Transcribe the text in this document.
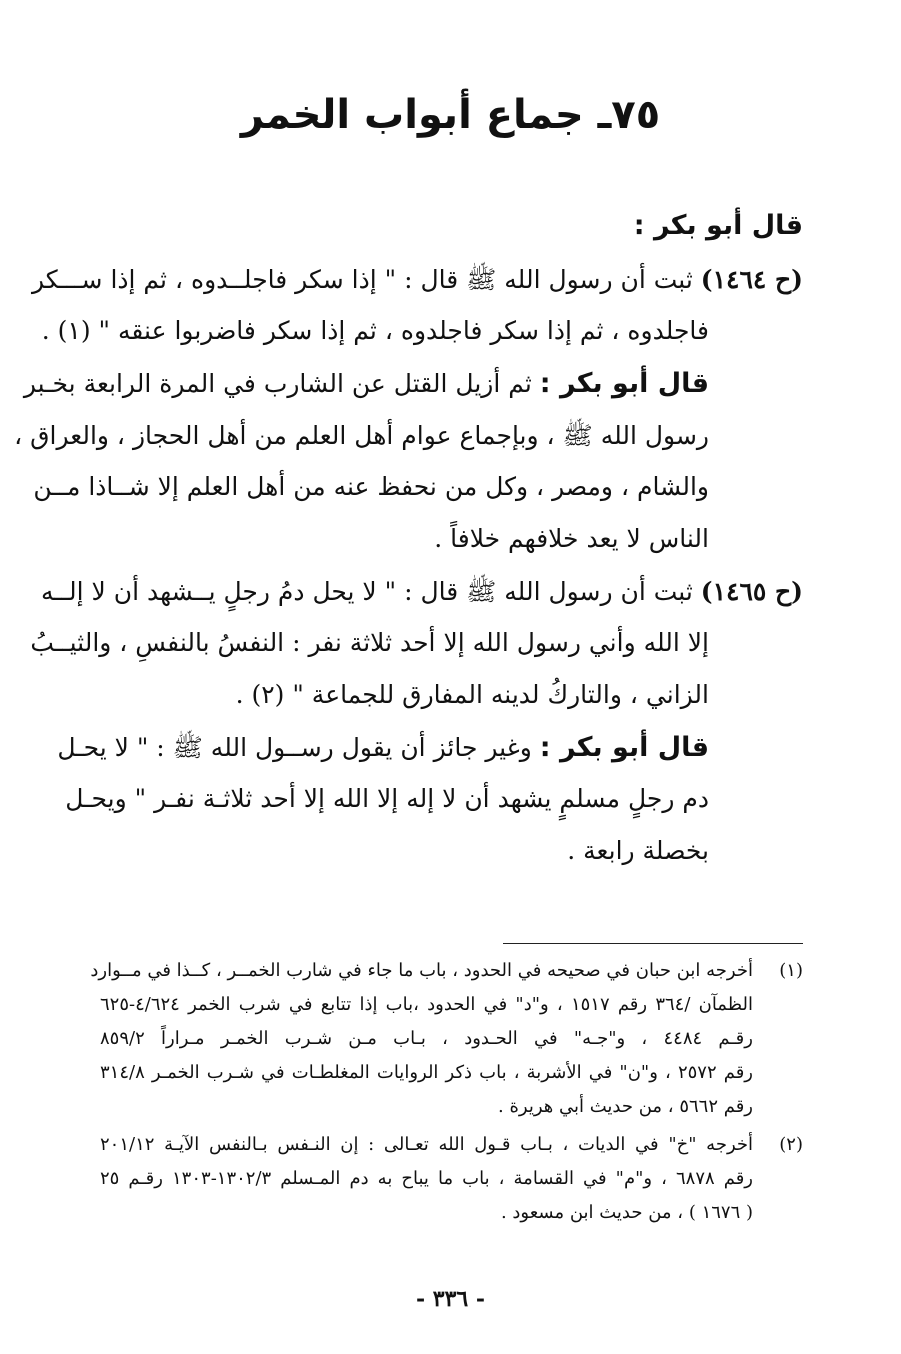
٧٥ـ جماع أبواب الخمر
قال أبو بكر :
(ح ١٤٦٤) ثبت أن رسول الله ﷺ قال : " إذا سكر فاجلــدوه ، ثم إذا ســـكر
فاجلدوه ، ثم إذا سكر فاجلدوه ، ثم إذا سكر فاضربوا عنقه " (١) .
قال أبو بكر : ثم أزيل القتل عن الشارب في المرة الرابعة بخـبر
رسول الله ﷺ ، وبإجماع عوام أهل العلم من أهل الحجاز ، والعراق ،
والشام ، ومصر ، وكل من نحفظ عنه من أهل العلم إلا شــاذا مــن
الناس لا يعد خلافهم خلافاً .
(ح ١٤٦٥) ثبت أن رسول الله ﷺ قال : " لا يحل دمُ رجلٍ يــشهد أن لا إلــه
إلا الله وأني رسول الله إلا أحد ثلاثة نفر : النفسُ بالنفسِ ، والثيــبُ
الزاني ، والتاركُ لدينه المفارق للجماعة " (٢) .
قال أبو بكر : وغير جائز أن يقول رســول الله ﷺ : " لا يحـل
دم رجلٍ مسلمٍ يشهد أن لا إله إلا الله إلا أحد ثلاثـة نفـر " ويحـل
بخصلة رابعة .
(١)
أخرجه ابن حبان في صحيحه في الحدود ، باب ما جاء في شارب الخمــر ، كــذا في مــوارد
الظمآن /٣٦٤ رقم ١٥١٧ ، و"د" في الحدود ،باب إذا تتابع في شرب الخمر ٤/٦٢٤-٦٢٥
رقـم ٤٤٨٤ ، و"جـه" في الحـدود ، بـاب مـن شـرب الخمـر مـراراً ٨٥٩/٢
رقم ٢٥٧٢ ، و"ن" في الأشربة ، باب ذكر الروايات المغلطـات في شـرب الخمـر ٣١٤/٨
رقم ٥٦٦٢ ، من حديث أبي هريرة .
(٢)
أخرجه "خ" في الديات ، بـاب قـول الله تعـالى : إن النـفس بـالنفس الآيـة ٢٠١/١٢
رقم ٦٨٧٨ ، و"م" في القسامة ، باب ما يباح به دم المـسلم ١٣٠٢/٣-١٣٠٣ رقـم ٢٥
( ١٦٧٦ ) ، من حديث ابن مسعود .
- ٣٣٦ -
